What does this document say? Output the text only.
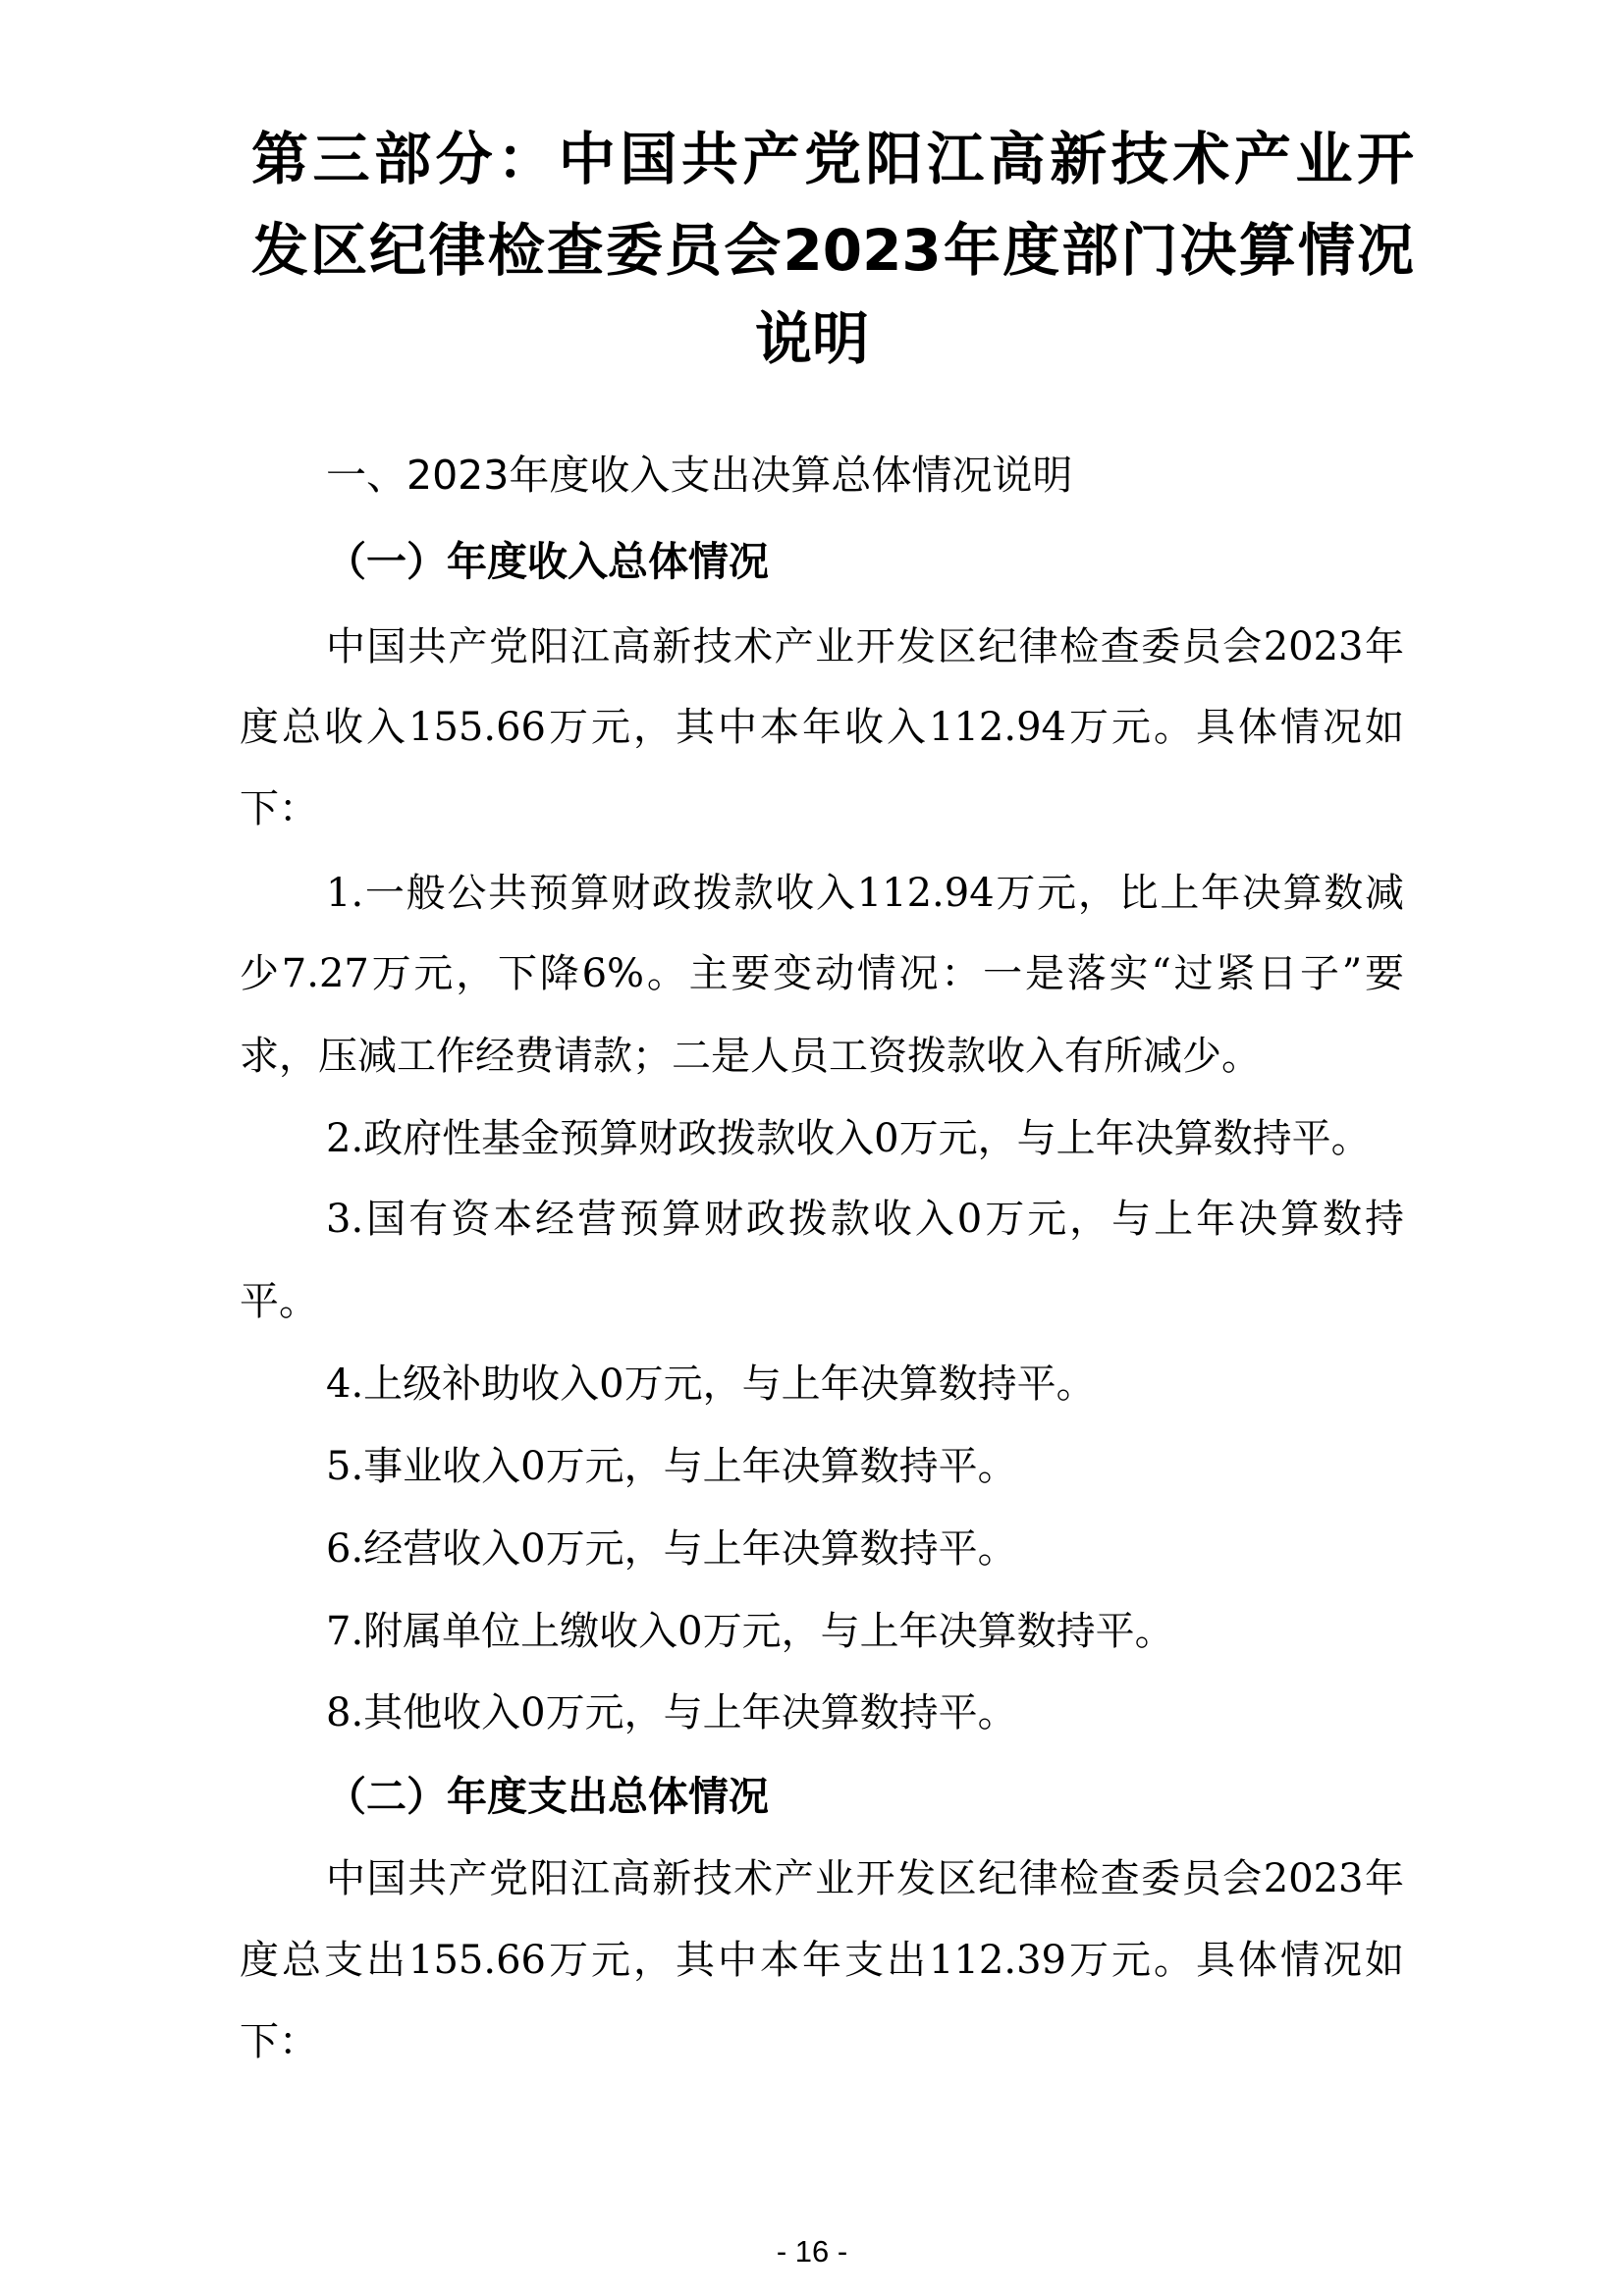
第三部分：中国共产党阳江高新技术产业开
发区纪律检查委员会2023年度部门决算情况
说明
一、2023年度收入支出决算总体情况说明
（一）年度收入总体情况
中国共产党阳江高新技术产业开发区纪律检查委员会2023年
度总收入155.66万元，其中本年收入112.94万元。具体情况如
下：
1.一般公共预算财政拨款收入112.94万元，比上年决算数减
少7.27万元，下降6%。主要变动情况：一是落实“过紧日子”要
求，压减工作经费请款；二是人员工资拨款收入有所减少。
2.政府性基金预算财政拨款收入0万元，与上年决算数持平。
3.国有资本经营预算财政拨款收入0万元，与上年决算数持
平。
4.上级补助收入0万元，与上年决算数持平。
5.事业收入0万元，与上年决算数持平。
6.经营收入0万元，与上年决算数持平。
7.附属单位上缴收入0万元，与上年决算数持平。
8.其他收入0万元，与上年决算数持平。
（二）年度支出总体情况
中国共产党阳江高新技术产业开发区纪律检查委员会2023年
度总支出155.66万元，其中本年支出112.39万元。具体情况如
下：
- 16 -
